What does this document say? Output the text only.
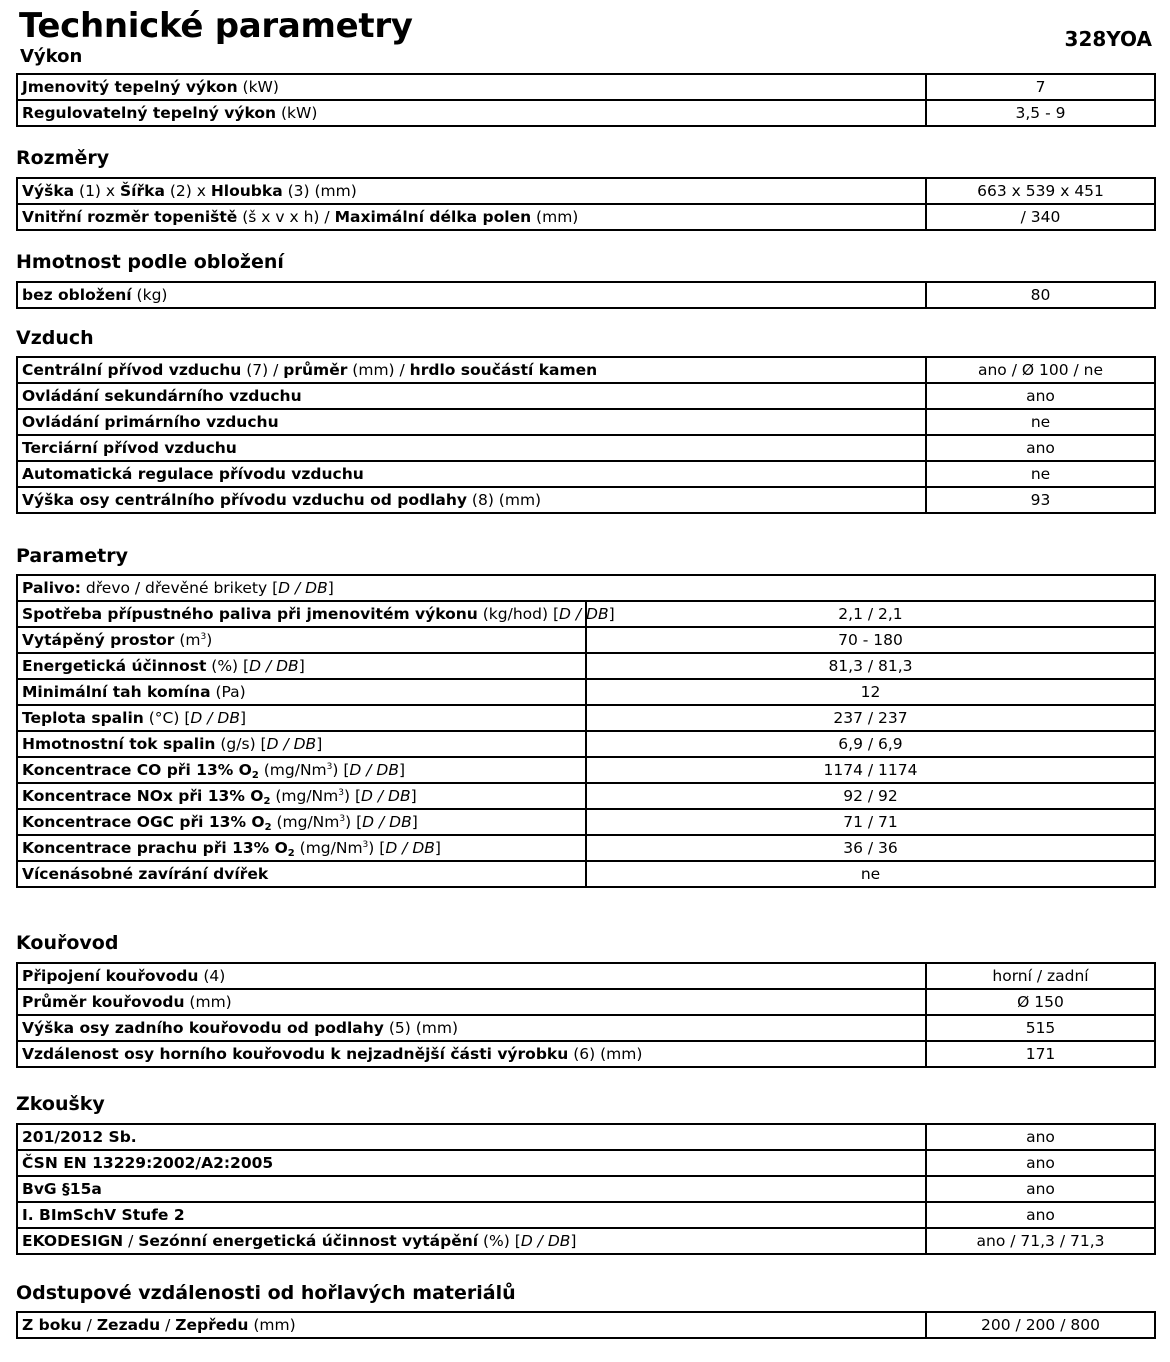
Technické parametry	328YOA
Výkon
Jmenovitý tepelný výkon (kW)	7
Regulovatelný tepelný výkon (kW)	3,5 - 9
Rozměry
Výška (1) x Šířka (2) x Hloubka (3) (mm)	663 x 539 x 451
Vnitřní rozměr topeniště (š x v x h) / Maximální délka polen (mm)	/ 340
Hmotnost podle obložení
bez obložení (kg)	80
Vzduch
Centrální přívod vzduchu (7) / průměr (mm) / hrdlo součástí kamen	ano / Ø 100 / ne
Ovládání sekundárního vzduchu	ano
Ovládání primárního vzduchu	ne
Terciární přívod vzduchu	ano
Automatická regulace přívodu vzduchu	ne
Výška osy centrálního přívodu vzduchu od podlahy (8) (mm)	93
Parametry
Palivo: dřevo / dřevěné brikety [D / DB]	
Spotřeba přípustného paliva při jmenovitém výkonu (kg/hod) [D / DB]	2,1 / 2,1
Vytápěný prostor $(m^3)$	70 - 180
Energetická účinnost (%) [D / DB]	81,3 / 81,3
Minimální tah komína (Pa)	12
Teplota spalin (°C) [D / DB]	237 / 237
Hmotnostní tok spalin (g/s) [D / DB]	6,9 / 6,9
Koncentrace CO při 13% $O_2$ (mg/Nm$^3$) [D / DB]	1174 / 1174
Koncentrace NOx při 13% $O_2$ (mg/Nm$^3$) [D / DB]	92 / 92
Koncentrace OGC při 13% $O_2$ (mg/Nm$^3$) [D / DB]	71 / 71
Koncentrace prachu při 13% $O_2$ (mg/Nm$^3$) [D / DB]	36 / 36
Vícenásobné zavírání dvířek	ne
Kouřovod
Připojení kouřovodu (4)	horní / zadní
Průměr kouřovodu (mm)	Ø 150
Výška osy zadního kouřovodu od podlahy (5) (mm)	515
Vzdálenost osy horního kouřovodu k nejzadnější části výrobku (6) (mm)	171
Zkoušky
201/2012 Sb.	ano
ČSN EN 13229:2002/A2:2005	ano
BvG §15a	ano
I. BImSchV Stufe 2	ano
EKODESIGN / Sezónní energetická účinnost vytápění (%) [D / DB]	ano / 71,3 / 71,3
Odstupové vzdálenosti od hořlavých materiálů
Z boku / Zezadu / Zepředu (mm)	200 / 200 / 800
